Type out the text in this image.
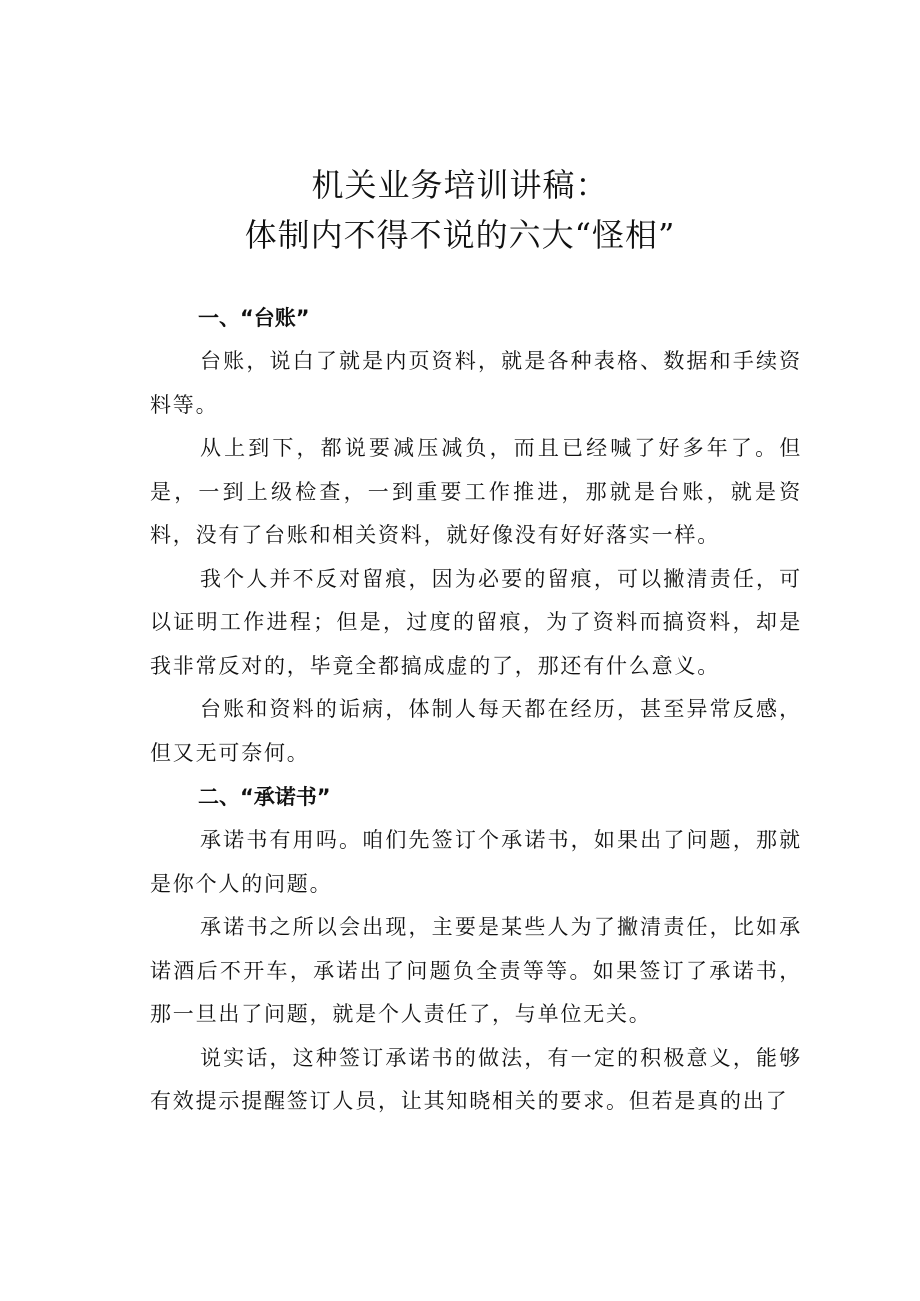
机关业务培训讲稿：

体制内不得不说的六大“怪相”

一、“台账”

台账，说白了就是内页资料，就是各种表格、数据和手续资料等。

从上到下，都说要减压减负，而且已经喊了好多年了。但是，一到上级检查，一到重要工作推进，那就是台账，就是资料，没有了台账和相关资料，就好像没有好好落实一样。

我个人并不反对留痕，因为必要的留痕，可以撇清责任，可以证明工作进程；但是，过度的留痕，为了资料而搞资料，却是我非常反对的，毕竟全都搞成虚的了，那还有什么意义。

台账和资料的诟病，体制人每天都在经历，甚至异常反感，但又无可奈何。

二、“承诺书”

承诺书有用吗。咱们先签订个承诺书，如果出了问题，那就是你个人的问题。

承诺书之所以会出现，主要是某些人为了撇清责任，比如承诺酒后不开车，承诺出了问题负全责等等。如果签订了承诺书，那一旦出了问题，就是个人责任了，与单位无关。

说实话，这种签订承诺书的做法，有一定的积极意义，能够有效提示提醒签订人员，让其知晓相关的要求。但若是真的出了
